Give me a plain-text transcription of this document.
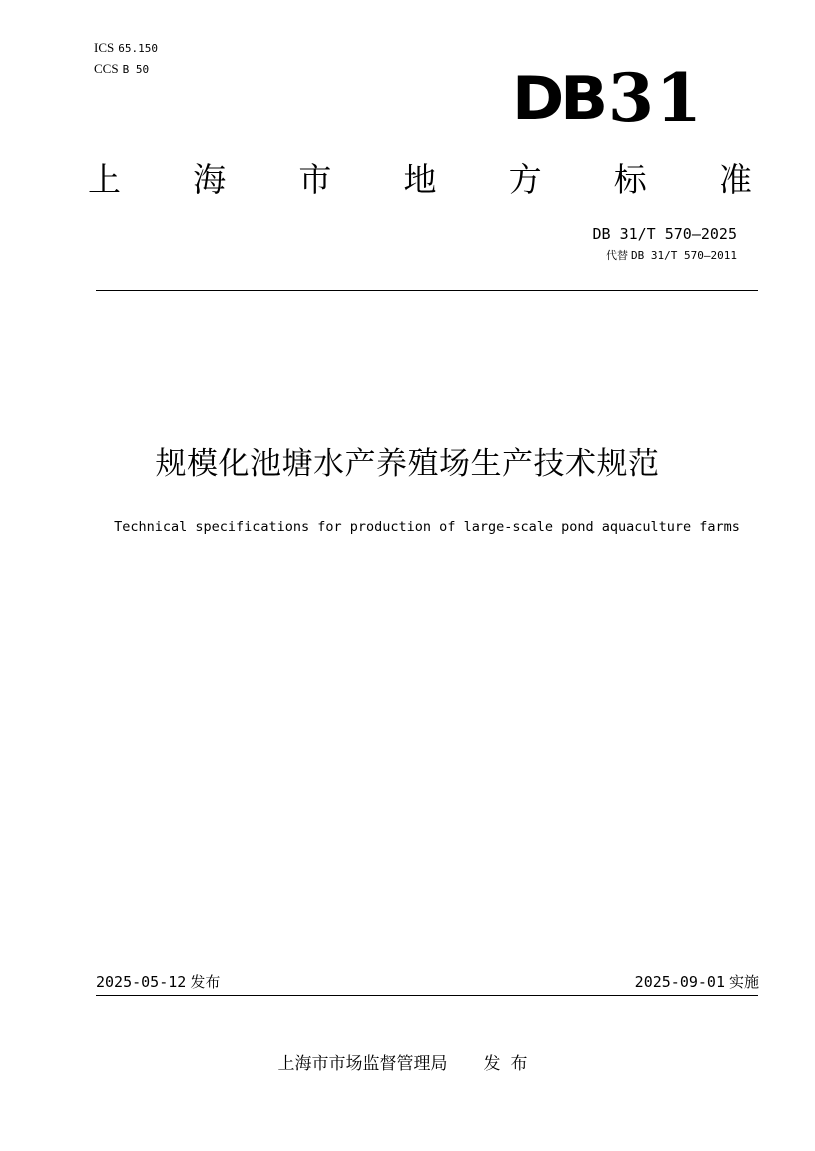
ICS 65.150
CCS B 50	DB 31
上 海 市 地 方 标 准
DB 31/T 570—2025
代替 DB 31/T 570—2011
规模化池塘水产养殖场生产技术规范
Technical specifications for production of large-scale pond aquaculture farms
2025-05-12 发布	2025-09-01 实施
上海市市场监督管理局 发布
